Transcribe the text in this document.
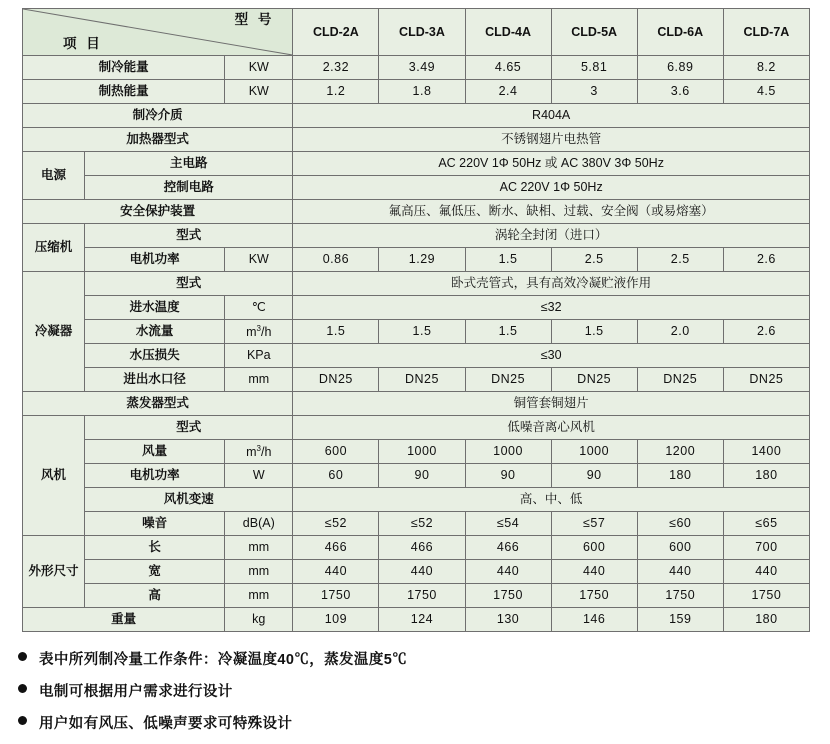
型 号
项 目			CLD-2A	CLD-3A	CLD-4A	CLD-5A	CLD-6A	CLD-7A
制冷能量		KW	2.32	3.49	4.65	5.81	6.89	8.2
制热能量		KW	1.2	1.8	2.4	3	3.6	4.5
制冷介质			R404A					
加热器型式			不锈钢翅片电热管					
电源	主电路		AC 220V 1Φ 50Hz 或 AC 380V 3Φ 50Hz					
	控制电路		AC 220V 1Φ 50Hz					
安全保护装置			氟高压、氟低压、断水、缺相、过载、安全阀（或易熔塞）					
压缩机	型式		涡轮全封闭（进口）					
	电机功率	KW	0.86	1.29	1.5	2.5	2.5	2.6
冷凝器	型式		卧式壳管式，具有高效冷凝贮液作用					
	进水温度	℃	≤32					
	水流量	$m^3/h$	1.5	1.5	1.5	1.5	2.0	2.6
	水压损失	KPa	≤30					
	进出水口径	mm	DN25	DN25	DN25	DN25	DN25	DN25
蒸发器型式			铜管套铜翅片					
风机	型式		低噪音离心风机					
	风量	$m^3/h$	600	1000	1000	1000	1200	1400
	电机功率	W	60	90	90	90	180	180
	风机变速		高、中、低					
	噪音	dB(A)	≤52	≤52	≤54	≤57	≤60	≤65
外形尺寸	长	mm	466	466	466	600	600	700
	宽	mm	440	440	440	440	440	440
	高	mm	1750	1750	1750	1750	1750	1750
重量		kg	109	124	130	146	159	180
表中所列制冷量工作条件：冷凝温度40℃，蒸发温度5℃
电制可根据用户需求进行设计
用户如有风压、低噪声要求可特殊设计
